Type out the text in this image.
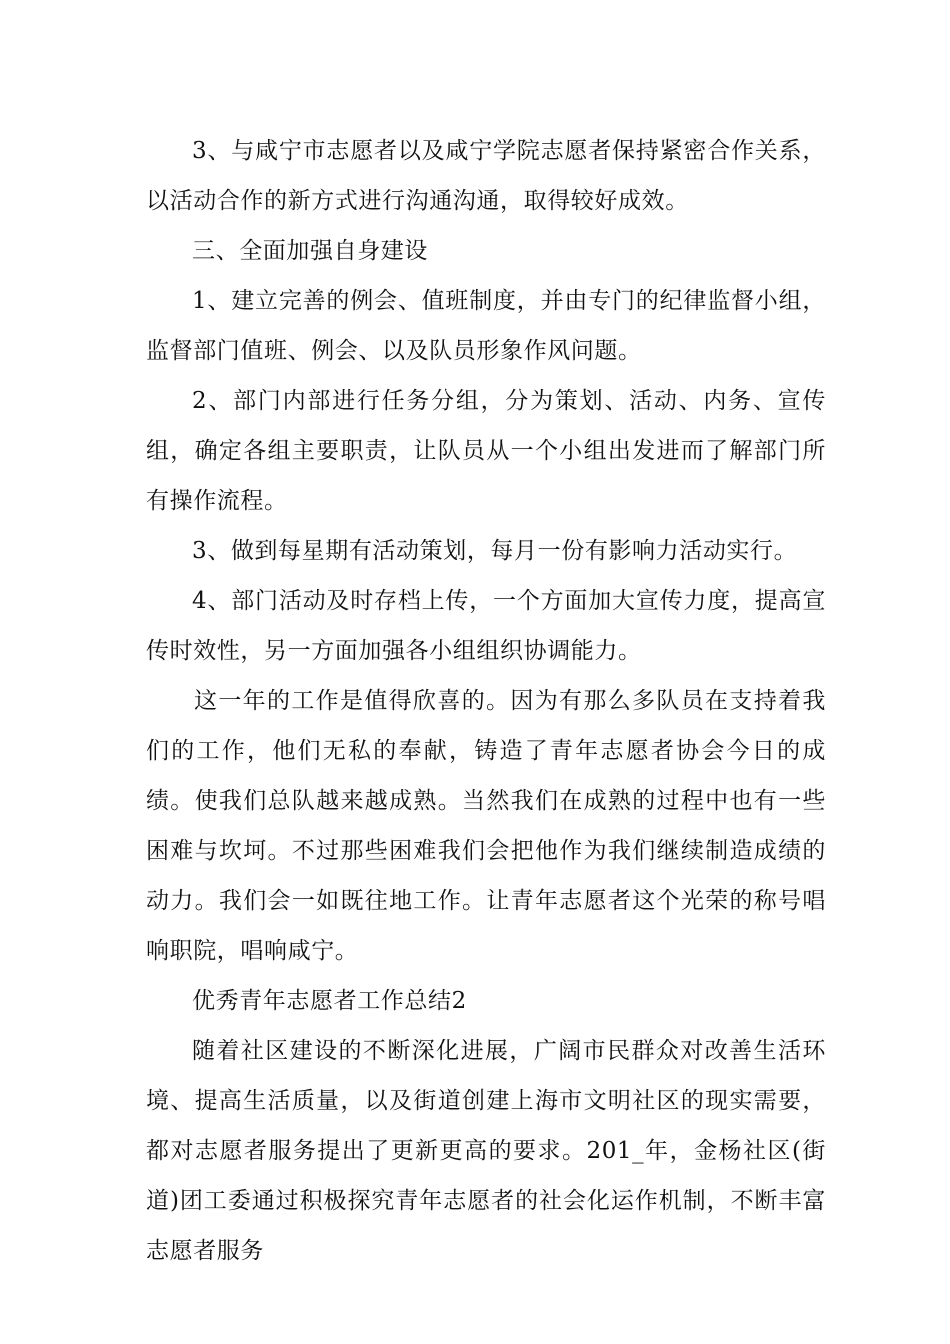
3、与咸宁市志愿者以及咸宁学院志愿者保持紧密合作关系，以活动合作的新方式进行沟通沟通，取得较好成效。

三、全面加强自身建设

1、建立完善的例会、值班制度，并由专门的纪律监督小组，监督部门值班、例会、以及队员形象作风问题。

2、部门内部进行任务分组，分为策划、活动、内务、宣传组，确定各组主要职责，让队员从一个小组出发进而了解部门所有操作流程。

3、做到每星期有活动策划，每月一份有影响力活动实行。

4、部门活动及时存档上传，一个方面加大宣传力度，提高宣传时效性，另一方面加强各小组组织协调能力。

这一年的工作是值得欣喜的。因为有那么多队员在支持着我们的工作，他们无私的奉献，铸造了青年志愿者协会今日的成绩。使我们总队越来越成熟。当然我们在成熟的过程中也有一些困难与坎坷。不过那些困难我们会把他作为我们继续制造成绩的动力。我们会一如既往地工作。让青年志愿者这个光荣的称号唱响职院，唱响咸宁。

优秀青年志愿者工作总结2

随着社区建设的不断深化进展，广阔市民群众对改善生活环境、提高生活质量，以及街道创建上海市文明社区的现实需要，都对志愿者服务提出了更新更高的要求。201_年，金杨社区(街道)团工委通过积极探究青年志愿者的社会化运作机制，不断丰富志愿者服务
